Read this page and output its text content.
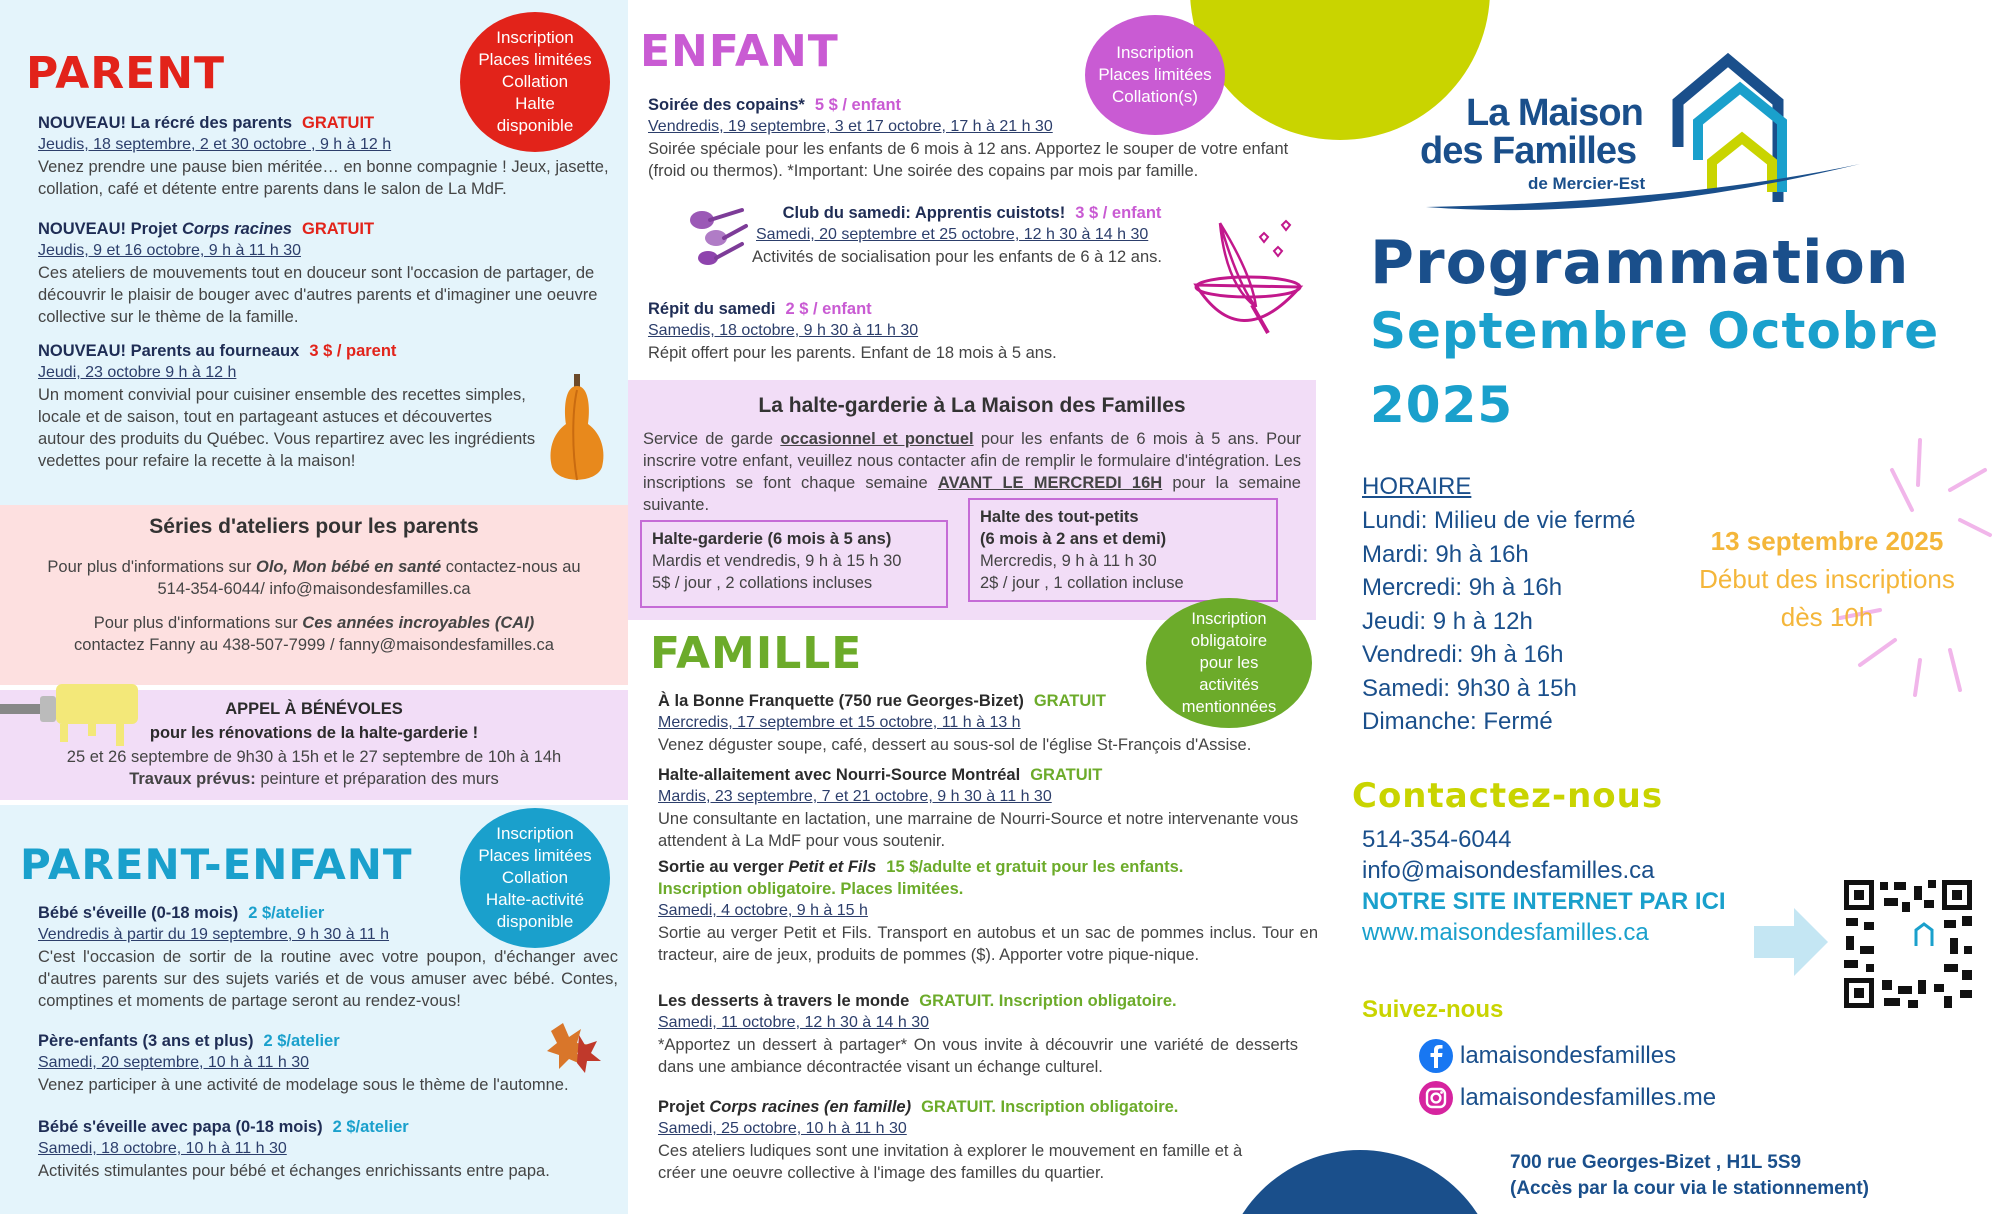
PARENT
Inscription
Places limitées
Collation
Halte
disponible
NOUVEAU! La récré des parents GRATUIT
Jeudis, 18 septembre, 2 et 30 octobre , 9 h à 12 h
Venez prendre une pause bien méritée… en bonne compagnie ! Jeux, jasette, collation, café et détente entre parents dans le salon de La MdF.
NOUVEAU! Projet Corps racines GRATUIT
Jeudis, 9 et 16 octobre, 9 h à 11 h 30
Ces ateliers de mouvements tout en douceur sont l'occasion de partager, de découvrir le plaisir de bouger avec d'autres parents et d'imaginer une oeuvre collective sur le thème de la famille.
NOUVEAU! Parents au fourneaux 3 $ / parent
Jeudi, 23 octobre 9 h à 12 h
Un moment convivial pour cuisiner ensemble des recettes simples, locale et de saison, tout en partageant astuces et découvertes autour des produits du Québec. Vous repartirez avec les ingrédients vedettes pour refaire la recette à la maison!
Séries d'ateliers pour les parents
Pour plus d'informations sur Olo, Mon bébé en santé contactez-nous au
514-354-6044/ info@maisondesfamilles.ca
Pour plus d'informations sur Ces années incroyables (CAI)
contactez Fanny au 438-507-7999 / fanny@maisondesfamilles.ca
APPEL À BÉNÉVOLES
pour les rénovations de la halte-garderie !
25 et 26 septembre de 9h30 à 15h et le 27 septembre de 10h à 14h
Travaux prévus: peinture et préparation des murs
PARENT-ENFANT
Inscription
Places limitées
Collation
Halte-activité
disponible
Bébé s'éveille (0-18 mois) 2 $/atelier
Vendredis à partir du 19 septembre, 9 h 30 à 11 h
C'est l'occasion de sortir de la routine avec votre poupon, d'échanger avec d'autres parents sur des sujets variés et de vous amuser avec bébé. Contes, comptines et moments de partage seront au rendez-vous!
Père-enfants (3 ans et plus) 2 $/atelier
Samedi, 20 septembre, 10 h à 11 h 30
Venez participer à une activité de modelage sous le thème de l'automne.
Bébé s'éveille avec papa (0-18 mois) 2 $/atelier
Samedi, 18 octobre, 10 h à 11 h 30
Activités stimulantes pour bébé et échanges enrichissants entre papa.
ENFANT	Inscription
Places limitées
Collation(s)
Soirée des copains* 5 $ / enfant
Vendredis, 19 septembre, 3 et 17 octobre, 17 h à 21 h 30
Soirée spéciale pour les enfants de 6 mois à 12 ans. Apportez le souper de votre enfant (froid ou thermos). *Important: Une soirée des copains par mois par famille.
Club du samedi: Apprentis cuistots! 3 $ / enfant
Samedi, 20 septembre et 25 octobre, 12 h 30 à 14 h 30
Activités de socialisation pour les enfants de 6 à 12 ans.
Répit du samedi 2 $ / enfant
Samedis, 18 octobre, 9 h 30 à 11 h 30
Répit offert pour les parents. Enfant de 18 mois à 5 ans.
La halte-garderie à La Maison des Familles
Service de garde occasionnel et ponctuel pour les enfants de 6 mois à 5 ans. Pour inscrire votre enfant, veuillez nous contacter afin de remplir le formulaire d'intégration. Les inscriptions se font chaque semaine AVANT LE MERCREDI 16H pour la semaine suivante.
Halte-garderie (6 mois à 5 ans)
Mardis et vendredis, 9 h à 15 h 30
5$ / jour , 2 collations incluses
Halte des tout-petits
(6 mois à 2 ans et demi)
Mercredis, 9 h à 11 h 30
2$ / jour , 1 collation incluse
FAMILLE
Inscription
obligatoire
pour les
activités
mentionnées
À la Bonne Franquette (750 rue Georges-Bizet) GRATUIT
Mercredis, 17 septembre et 15 octobre, 11 h à 13 h
Venez déguster soupe, café, dessert au sous-sol de l'église St-François d'Assise.
Halte-allaitement avec Nourri-Source Montréal GRATUIT
Mardis, 23 septembre, 7 et 21 octobre, 9 h 30 à 11 h 30
Une consultante en lactation, une marraine de Nourri-Source et notre intervenante vous attendent à La MdF pour vous soutenir.
Sortie au verger Petit et Fils 15 $/adulte et gratuit pour les enfants.
Inscription obligatoire. Places limitées.
Samedi, 4 octobre, 9 h à 15 h
Sortie au verger Petit et Fils. Transport en autobus et un sac de pommes inclus. Tour en tracteur, aire de jeux, produits de pommes ($). Apporter votre pique-nique.
Les desserts à travers le monde GRATUIT. Inscription obligatoire.
Samedi, 11 octobre, 12 h 30 à 14 h 30
*Apportez un dessert à partager* On vous invite à découvrir une variété de desserts dans une ambiance décontractée visant un échange culturel.
Projet Corps racines (en famille) GRATUIT. Inscription obligatoire.
Samedi, 25 octobre, 10 h à 11 h 30
Ces ateliers ludiques sont une invitation à explorer le mouvement en famille et à créer une oeuvre collective à l'image des familles du quartier.
La Maison
des Familles
de Mercier-Est
Programmation
Septembre Octobre
2025
HORAIRE
Lundi: Milieu de vie fermé
Mardi: 9h à 16h
Mercredi: 9h à 16h
Jeudi: 9 h à 12h
Vendredi: 9h à 16h
Samedi: 9h30 à 15h
Dimanche: Fermé
13 septembre 2025
Début des inscriptions
dès 10h
Contactez-nous
514-354-6044
info@maisondesfamilles.ca
NOTRE SITE INTERNET PAR ICI
www.maisondesfamilles.ca
Suivez-nous
lamaisondesfamilles
lamaisondesfamilles.me
700 rue Georges-Bizet , H1L 5S9
(Accès par la cour via le stationnement)
